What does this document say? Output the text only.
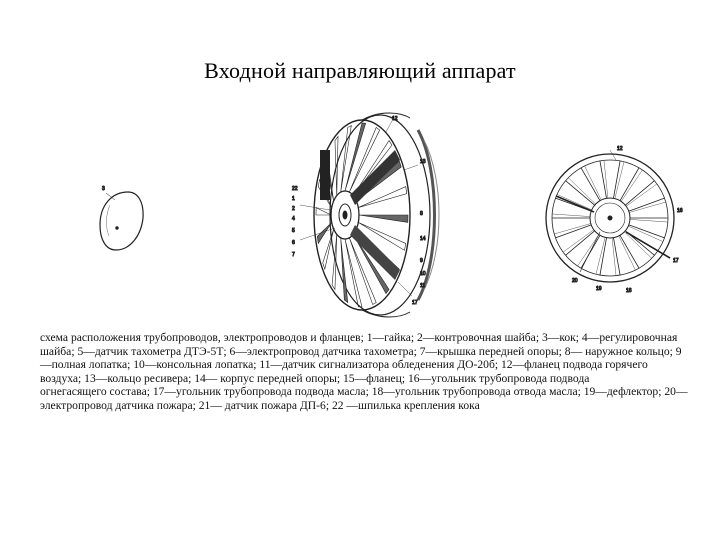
Входной направляющий аппарат
3
12
13
22
1
2
4
5
6
7
8
14
9
10
11
17
12
16
17
18
19
20

схема расположения трубопроводов, электропроводов и фланцев; 1—гайка; 2—контровочная шайба; 3—кок; 4—регулировочная шайба; 5—датчик тахометра ДТЭ-5Т; 6—электропровод датчика тахометра; 7—крышка передней опоры; 8— наружное кольцо; 9—полная лопатка; 10—консольная лопатка; 11—датчик сигнализатора обледенения ДО-20б; 12—фланец подвода горячего воздуха; 13—кольцо ресивера; 14— корпус передней опоры; 15—фланец; 16—угольник трубопровода подвода

огнегасящего состава; 17—угольник трубопровода подвода масла; 18—угольник трубопровода отвода масла; 19—дефлектор; 20—электропровод датчика пожара; 21— датчик пожара ДП-6; 22 —шпилька крепления кока
